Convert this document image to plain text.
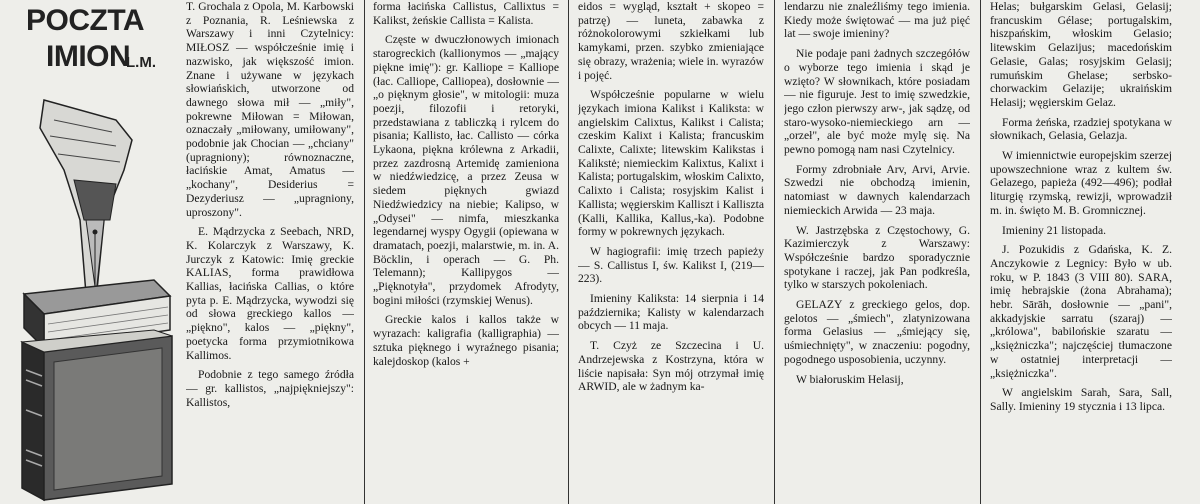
POCZTA
IMION
L.M.

T. Grochala z Opola, M. Karbowski z Poznania, R. Leśniewska z Warszawy i inni Czytelnicy: MIŁOSZ — współcześnie imię i nazwisko, jak większość imion. Znane i używane w językach słowiańskich, utworzone od dawnego słowa mił — „miły", pokrewne Miłowan = Miłowan, oznaczały „miłowany, umiłowany", podobnie jak Chocian — „chciany" (upragniony); równoznaczne, łacińskie Amat, Amatus — „kochany", Desiderius = Dezyderiusz — „upragniony, uproszony".

E. Mądrzycka z Seebach, NRD, K. Kolarczyk z Warszawy, K. Jurczyk z Katowic: Imię greckie KALIAS, forma prawidłowa Kallias, łacińska Callias, o które pyta p. E. Mądrzycka, wywodzi się od słowa greckiego kallos — „piękno", kalos — „piękny", poetycka forma przymiotnikowa Kallimos.

Podobnie z tego samego źródła — gr. kallistos, „najpiękniejszy": Kallistos,

forma łacińska Callistus, Callixtus = Kalikst, żeńskie Callista = Kalista.

Częste w dwuczłonowych imionach starogreckich (kallionymos — „mający piękne imię"): gr. Kalliope = Kalliope (łac. Calliope, Calliopea), dosłownie — „o pięknym głosie", w mitologii: muza poezji, filozofii i retoryki, przedstawiana z tabliczką i rylcem do pisania; Kallisto, łac. Callisto — córka Lykaona, piękna królewna z Arkadii, przez zazdrosną Artemidę zamieniona w niedźwiedzicę, a przez Zeusa w siedem pięknych gwiazd Niedźwiedzicy na niebie; Kalipso, w „Odysei" — nimfa, mieszkanka legendarnej wyspy Ogygii (opiewana w dramatach, poezji, malarstwie, m. in. A. Böcklin, i operach — G. Ph. Telemann); Kallipygos — „Pięknotyła", przydomek Afrodyty, bogini miłości (rzymskiej Wenus).

Greckie kalos i kallos także w wyrazach: kaligrafia (kalligraphia) — sztuka pięknego i wyraźnego pisania; kalejdoskop (kalos +

eidos = wygląd, kształt + skopeo = patrzę) — luneta, zabawka z różnokolorowymi szkiełkami lub kamykami, przen. szybko zmieniające się obrazy, wrażenia; wiele in. wyrazów i pojęć.

Współcześnie popularne w wielu językach imiona Kalikst i Kaliksta: w angielskim Calixtus, Kalikst i Calista; czeskim Kalixt i Kalista; francuskim Calixte, Calixte; litewskim Kalikstas i Kalikstė; niemieckim Kalixtus, Kalixt i Kalista; portugalskim, włoskim Calixto, Calixto i Calista; rosyjskim Kalist i Kallista; węgierskim Kalliszt i Kalliszta (Kalli, Kallika, Kallus,-ka). Podobne formy w pokrewnych językach.

W hagiografii: imię trzech papieży — S. Callistus I, św. Kalikst I, (219—223).

Imieniny Kaliksta: 14 sierpnia i 14 października; Kalisty w kalendarzach obcych — 11 maja.

T. Czyż ze Szczecina i U. Andrzejewska z Kostrzyna, która w liście napisała: Syn mój otrzymał imię ARWID, ale w żadnym ka-

lendarzu nie znaleźliśmy tego imienia. Kiedy może świętować — ma już pięć lat — swoje imieniny?

Nie podaje pani żadnych szczegółów o wyborze tego imienia i skąd je wzięto? W słownikach, które posiadam — nie figuruje. Jest to imię szwedzkie, jego człon pierwszy arw-, jak sądzę, od staro-wysoko-niemieckiego arn — „orzeł", ale być może mylę się. Na pewno pomogą nam nasi Czytelnicy.

Formy zdrobniałe Arv, Arvi, Arvie. Szwedzi nie obchodzą imienin, natomiast w dawnych kalendarzach niemieckich Arwida — 23 maja.

W. Jastrzębska z Częstochowy, G. Kazimierczyk z Warszawy: Współcześnie bardzo sporadycznie spotykane i raczej, jak Pan podkreśla, tylko w starszych pokoleniach.

GELAZY z greckiego gelos, dop. gelotos — „śmiech", zlatynizowana forma Gelasius — „śmiejący się, uśmiechnięty", w znaczeniu: pogodny, pogodnego usposobienia, uczynny.

W białoruskim Helasij,

Helas; bułgarskim Gelasi, Gelasij; francuskim Gélase; portugalskim, hiszpańskim, włoskim Gelasio; litewskim Gelazijus; macedońskim Gelasie, Galas; rosyjskim Gelasij; rumuńskim Ghelase; serbsko-chorwackim Gelazije; ukraińskim Helasij; węgierskim Gelaz.

Forma żeńska, rzadziej spotykana w słownikach, Gelasia, Gelazja.

W imiennictwie europejskim szerzej upowszechnione wraz z kultem św. Gelazego, papieża (492—496); podłał liturgię rzymską, rewizji, wprowadził m. in. święto M. B. Gromnicznej.

Imieniny 21 listopada.

J. Pozukidis z Gdańska, K. Z. Anczykowie z Legnicy: Było w ub. roku, w P. 1843 (3 VIII 80). SARA, imię hebrajskie (żona Abrahama); hebr. Sārāh, dosłownie — „pani", akkadyjskie sarratu (szaraj) — „królowa", babilońskie szaratu — „księżniczka"; najczęściej tłumaczone w ostatniej interpretacji — „księżniczka".

W angielskim Sarah, Sara, Sall, Sally. Imieniny 19 stycznia i 13 lipca.
